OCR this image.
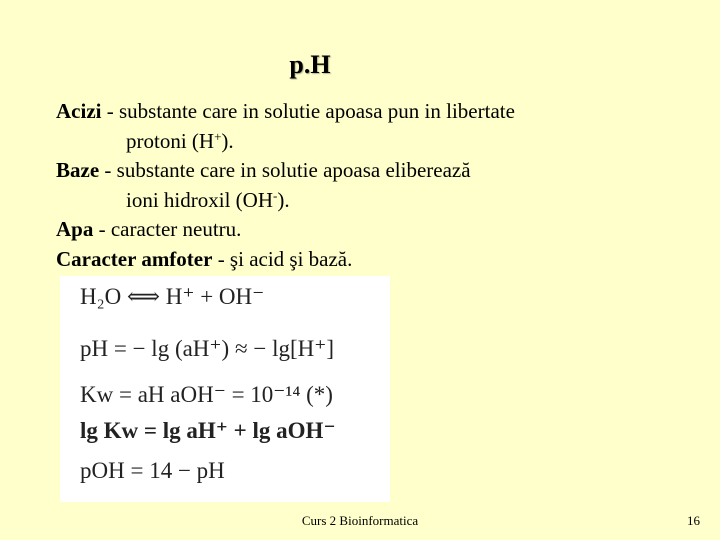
p.H
Acizi - substante care in solutie apoasa pun in libertate
protoni (H+).
Baze - substante care in solutie apoasa eliberează
ioni hidroxil (OH-).
Apa - caracter neutru.
Caracter amfoter - şi acid şi bază.
H₂O ⟺ H⁺ + OH⁻
pH = − lg (aH⁺) ≈ − lg[H⁺]
Kw = aH aOH⁻ = 10⁻¹⁴ (*)
lg Kw = lg aH⁺ + lg aOH⁻
pOH = 14 − pH
Curs 2 Bioinformatica	16
